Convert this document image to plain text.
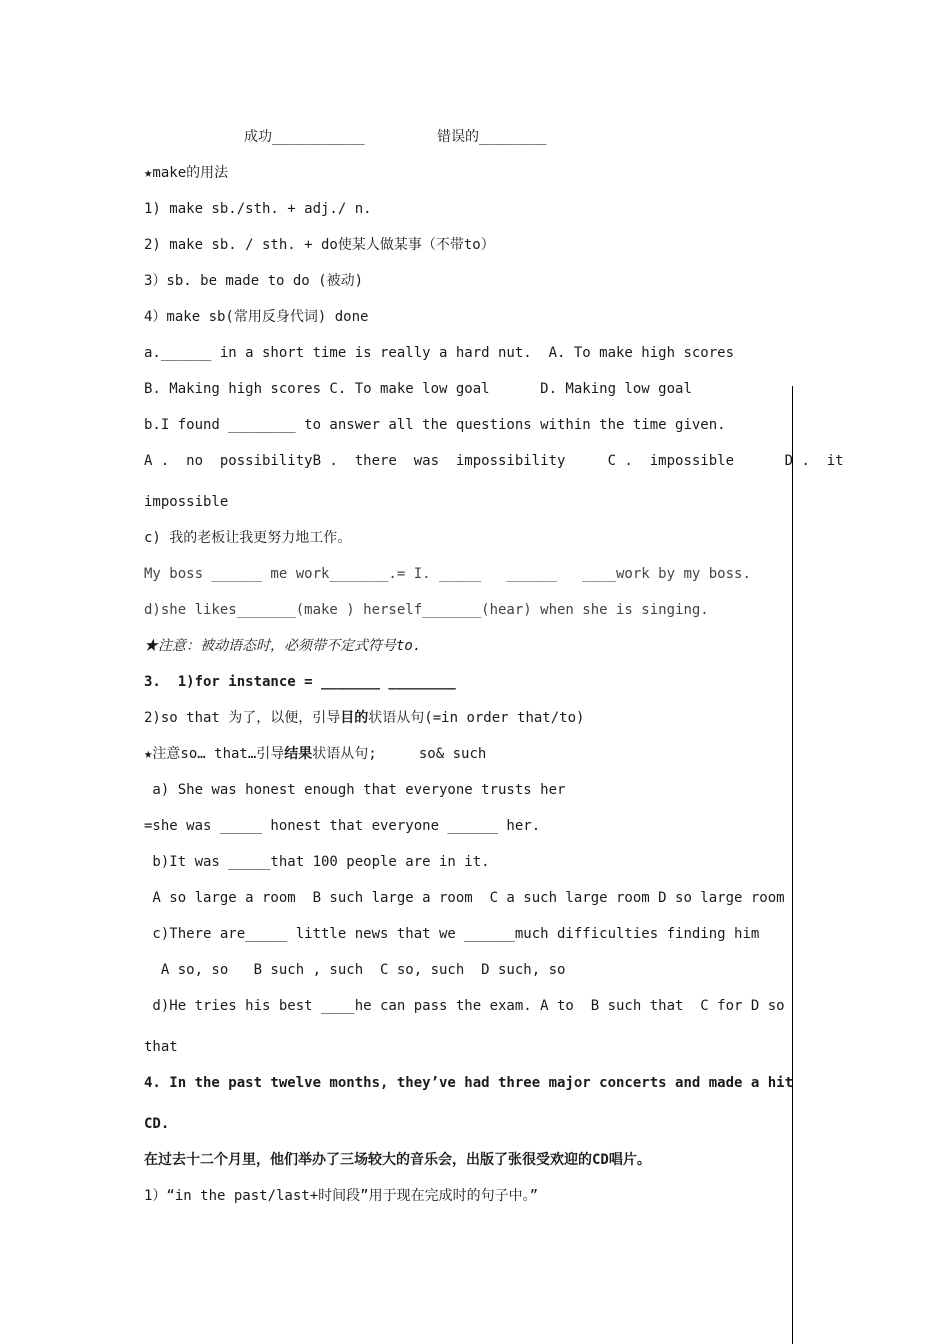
成功___________	错误的________
★make的用法
1) make sb./sth. + adj./ n.
2) make sb. / sth. + do使某人做某事（不带to）
3）sb. be made to do (被动)
4）make sb(常用反身代词) done
a.______ in a short time is really a hard nut.  A. To make high scores
B. Making high scores C. To make low goal      D. Making low goal
b.I found ________ to answer all the questions within the time given.
A .  no  possibilityB .  there  was  impossibility     C .  impossible      D .  it
impossible
c) 我的老板让我更努力地工作。
My boss ______ me work_______.= I. _____   ______   ____work by my boss.
d)she likes_______(make ) herself_______(hear) when she is singing.
★注意：被动语态时，必须带不定式符号to.
3.  1)for instance = _______ ________
2)so that 为了，以便，引导目的状语从句(=in order that/to)
★注意so… that…引导结果状语从句;     so& such
a) She was honest enough that everyone trusts her
=she was _____ honest that everyone ______ her.
b)It was _____that 100 people are in it.
A so large a room  B such large a room  C a such large room D so large room
c)There are_____ little news that we ______much difficulties finding him
A so, so   B such , such  C so, such  D such, so
d)He tries his best ____he can pass the exam. A to  B such that  C for D so
that
4. In the past twelve months, they’ve had three major concerts and made a hit
CD.
在过去十二个月里，他们举办了三场较大的音乐会，出版了张很受欢迎的CD唱片。
1）“in the past/last+时间段”用于现在完成时的句子中。”
